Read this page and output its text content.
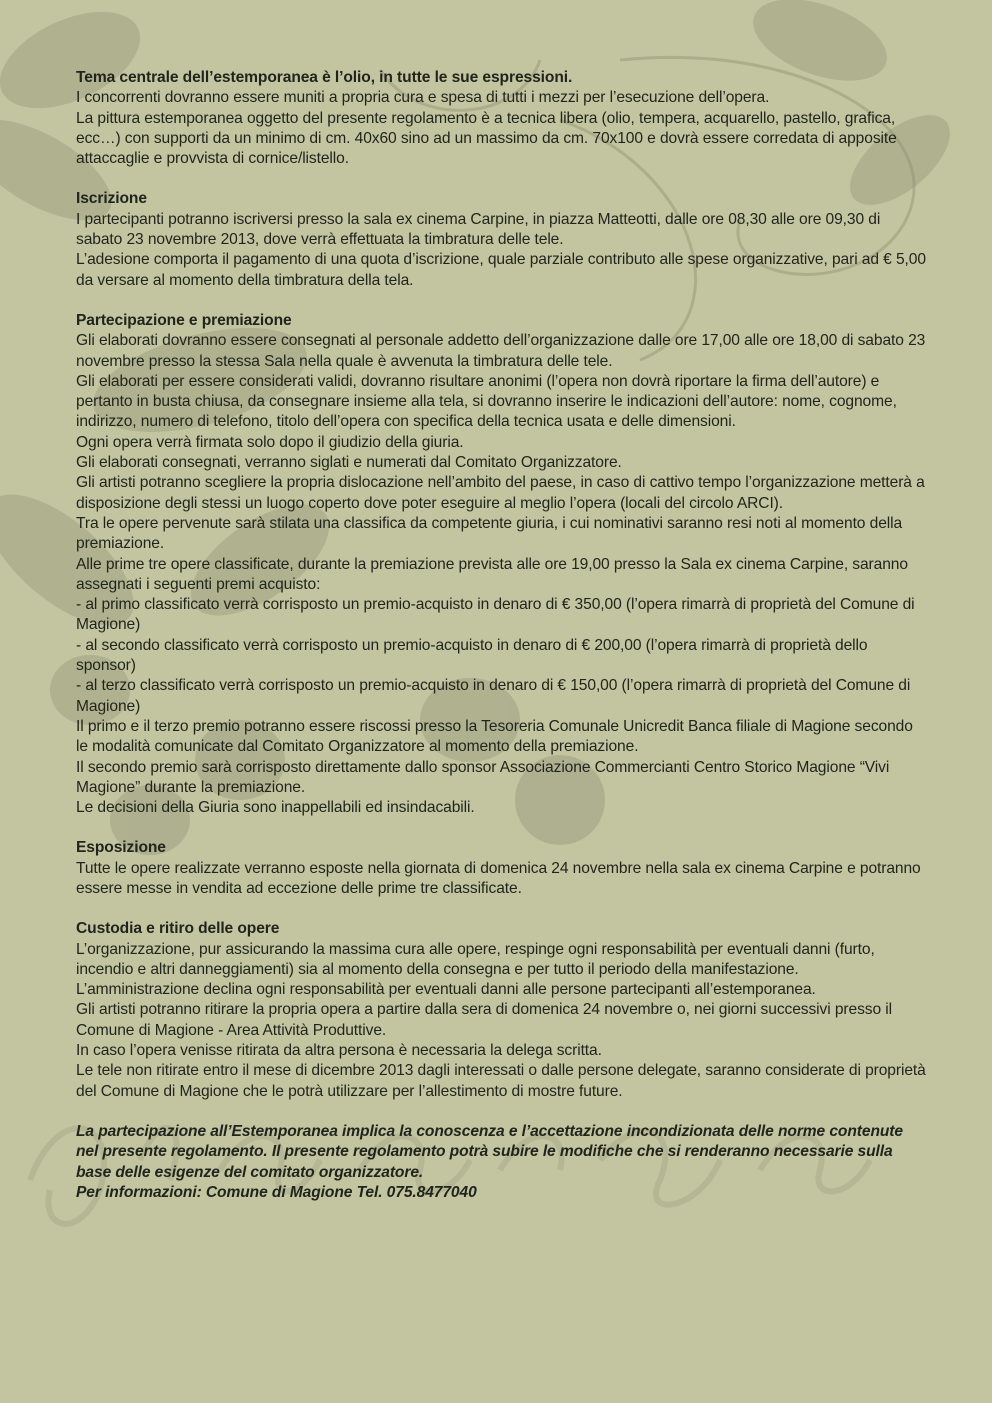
Tema centrale dell’estemporanea è l’olio, in tutte le sue espressioni.

I concorrenti dovranno essere muniti a propria cura e spesa di tutti i mezzi per l’esecuzione dell’opera.

La pittura estemporanea oggetto del presente regolamento è a tecnica libera (olio, tempera, acquarello, pastello, grafica, ecc…) con supporti da un minimo di cm. 40x60 sino ad un massimo da cm. 70x100 e dovrà essere corredata di apposite attaccaglie e provvista di cornice/listello.

Iscrizione

I partecipanti potranno iscriversi presso la sala ex cinema Carpine, in piazza Matteotti, dalle ore 08,30 alle ore 09,30 di sabato 23 novembre 2013, dove verrà effettuata la timbratura delle tele.

L’adesione comporta il pagamento di una quota d’iscrizione, quale parziale contributo alle spese organizzative, pari ad € 5,00 da versare al momento della timbratura della tela.

Partecipazione e premiazione

Gli elaborati dovranno essere consegnati al personale addetto dell’organizzazione dalle ore 17,00 alle ore 18,00 di sabato 23 novembre presso la stessa Sala nella quale è avvenuta la timbratura delle tele.

Gli elaborati per essere considerati validi, dovranno risultare anonimi (l’opera non dovrà riportare la firma dell’autore) e pertanto in busta chiusa, da consegnare insieme alla tela, si dovranno inserire le indicazioni dell’autore: nome, cognome, indirizzo, numero di telefono, titolo dell’opera con specifica della tecnica usata e delle dimensioni.

Ogni opera verrà firmata solo dopo il giudizio della giuria.

Gli elaborati consegnati, verranno siglati e numerati dal Comitato Organizzatore.

Gli artisti potranno scegliere la propria dislocazione nell’ambito del paese, in caso di cattivo tempo l’organizzazione metterà a disposizione degli stessi un luogo coperto dove poter eseguire al meglio l’opera (locali del circolo ARCI).

Tra le opere pervenute sarà stilata una classifica da competente giuria, i cui nominativi saranno resi noti al momento della premiazione.

Alle prime tre opere classificate, durante la premiazione prevista alle ore 19,00 presso la Sala ex cinema Carpine, saranno assegnati i seguenti premi acquisto:

- al primo classificato verrà corrisposto un premio-acquisto in denaro di € 350,00 (l’opera rimarrà di proprietà del Comune di Magione)

- al secondo classificato verrà corrisposto un premio-acquisto in denaro di € 200,00 (l’opera rimarrà di proprietà dello sponsor)

- al terzo classificato verrà corrisposto un premio-acquisto in denaro di € 150,00 (l’opera rimarrà di proprietà del Comune di Magione)

Il primo e il terzo premio potranno essere riscossi presso la Tesoreria Comunale Unicredit Banca filiale di Magione secondo le modalità comunicate dal Comitato Organizzatore al momento della premiazione.

Il secondo premio sarà corrisposto direttamente dallo sponsor Associazione Commercianti Centro Storico Magione “Vivi Magione” durante la premiazione.

Le decisioni della Giuria sono inappellabili ed insindacabili.

Esposizione

Tutte le opere realizzate verranno esposte nella giornata di domenica 24 novembre nella sala ex cinema Carpine e potranno essere messe in vendita ad eccezione delle prime tre classificate.

Custodia e ritiro delle opere

L’organizzazione, pur assicurando la massima cura alle opere, respinge ogni responsabilità per eventuali danni (furto, incendio e altri danneggiamenti) sia al momento della consegna e per tutto il periodo della manifestazione.

L’amministrazione declina ogni responsabilità per eventuali danni alle persone partecipanti all’estemporanea.

Gli artisti potranno ritirare la propria opera a partire dalla sera di domenica 24 novembre o, nei giorni successivi presso il Comune di Magione - Area Attività Produttive.

In caso l’opera venisse ritirata da altra persona è necessaria la delega scritta.

Le tele non ritirate entro il mese di dicembre 2013 dagli interessati o dalle persone delegate, saranno considerate di proprietà del Comune di Magione che le potrà utilizzare per l’allestimento di mostre future.

La partecipazione all’Estemporanea implica la conoscenza e l’accettazione incondizionata delle norme contenute nel presente regolamento. Il presente regolamento potrà subire le modifiche che si renderanno necessarie sulla base delle esigenze del comitato organizzatore.

Per informazioni: Comune di Magione Tel. 075.8477040
